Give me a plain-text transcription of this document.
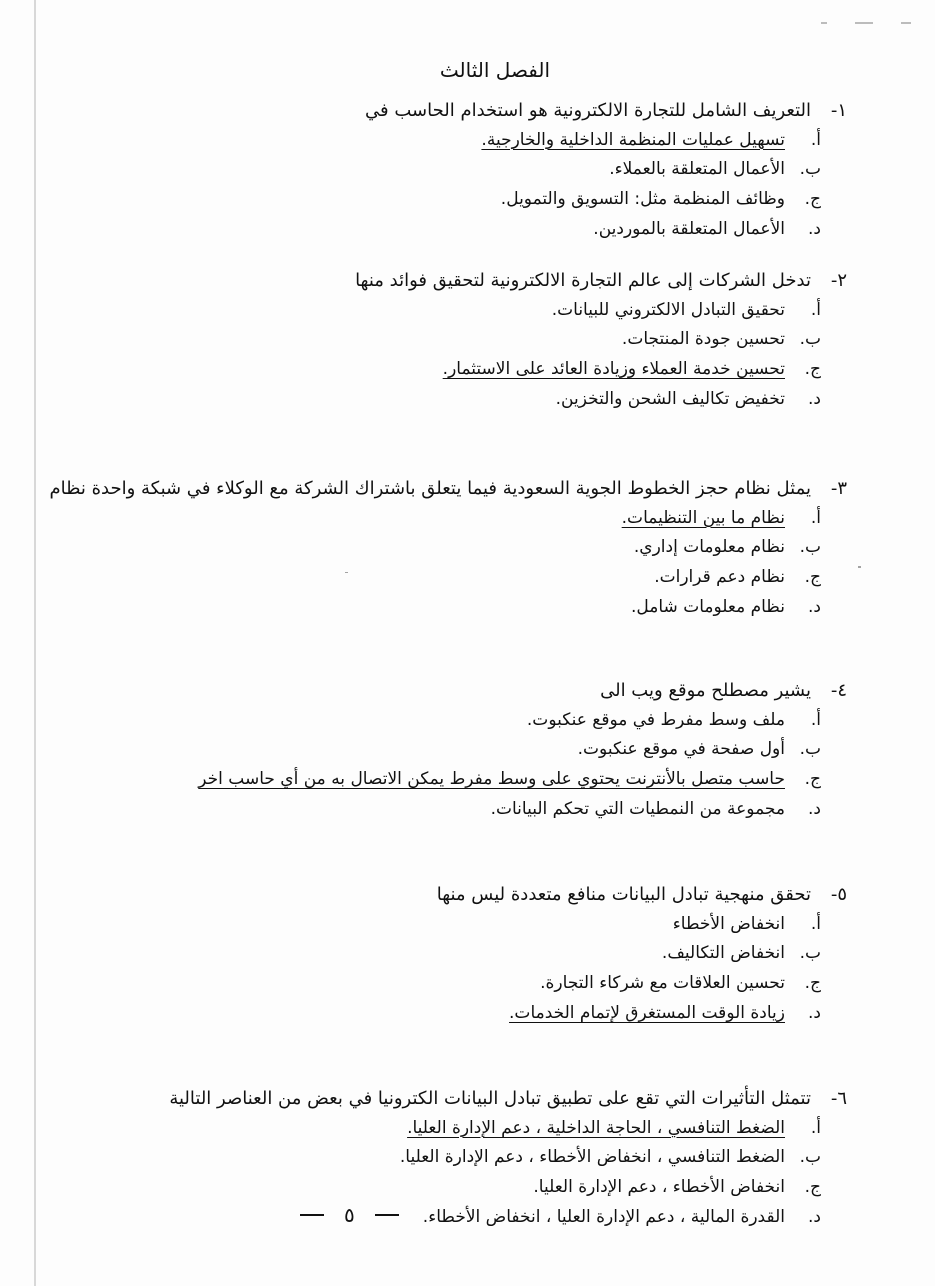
الفصل الثالث
١-
التعريف الشامل للتجارة الالكترونية هو استخدام الحاسب في
أ.
تسهيل عمليات المنظمة الداخلية والخارجية.
ب.
الأعمال المتعلقة بالعملاء.
ج.
وظائف المنظمة مثل: التسويق والتمويل.
د.
الأعمال المتعلقة بالموردين.
٢-
تدخل الشركات إلى عالم التجارة الالكترونية لتحقيق فوائد منها
أ.
تحقيق التبادل الالكتروني للبيانات.
ب.
تحسين جودة المنتجات.
ج.
تحسين خدمة العملاء وزيادة العائد على الاستثمار.
د.
تخفيض تكاليف الشحن والتخزين.
٣-
يمثل نظام حجز الخطوط الجوية السعودية فيما يتعلق باشتراك الشركة مع الوكلاء في شبكة واحدة نظام
أ.
نظام ما بين التنظيمات.
ب.
نظام معلومات إداري.
ج.
نظام دعم قرارات.
د.
نظام معلومات شامل.
٤-
يشير مصطلح موقع ويب الى
أ.
ملف وسط مفرط في موقع عنكبوت.
ب.
أول صفحة في موقع عنكبوت.
ج.
حاسب متصل بالأنترنت يحتوي على وسط مفرط يمكن الاتصال به من أي حاسب اخر
د.
مجموعة من النمطيات التي تحكم البيانات.
٥-
تحقق منهجية تبادل البيانات منافع متعددة ليس منها
أ.
انخفاض الأخطاء
ب.
انخفاض التكاليف.
ج.
تحسين العلاقات مع شركاء التجارة.
د.
زيادة الوقت المستغرق لإتمام الخدمات.
٦-
تتمثل التأثيرات التي تقع على تطبيق تبادل البيانات الكترونيا في بعض من العناصر التالية
أ.
الضغط التنافسي ، الحاجة الداخلية ، دعم الإدارة العليا.
ب.
الضغط التنافسي ، انخفاض الأخطاء ، دعم الإدارة العليا.
ج.
انخفاض الأخطاء ، دعم الإدارة العليا.
د.
القدرة المالية ، دعم الإدارة العليا ، انخفاض الأخطاء.
٥
